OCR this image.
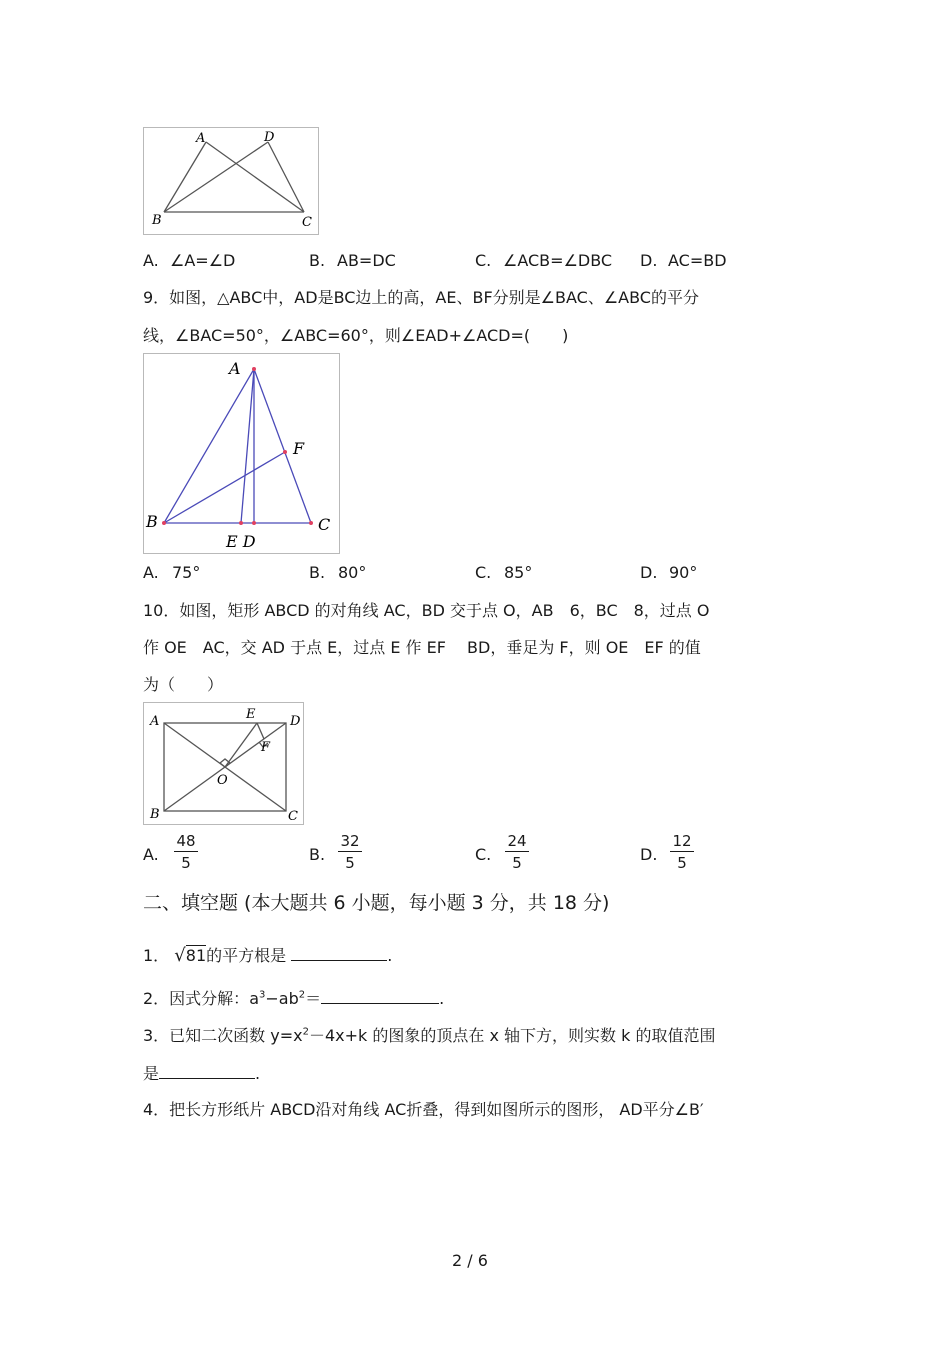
A	D
B	C
A. ∠A=∠D	B. AB=DC	C. ∠ACB=∠DBC D. AC=BD
9．如图，△ABC中，AD是BC边上的高，AE、BF分别是∠BAC、∠ABC的平分
线，∠BAC=50°，∠ABC=60°，则∠EAD+∠ACD=(　　)
A
B	C
F
E D
A. 75°	B. 80°	C. 85°	D. 90°
10．如图，矩形 ABCD 的对角线 AC，BD 交于点 O，AB　6，BC　8，过点 O
作 OE　AC，交 AD 于点 E，过点 E 作 EF　 BD，垂足为 F，则 OE　EF 的值
为（　　）
A	E	D
F
O
B	C
A. $\frac{48}{5}$	B. $\frac{32}{5}$	C. $\frac{24}{5}$	D. $\frac{12}{5}$
二、填空题 (本大题共 6 小题，每小题 3 分，共 18 分)
1． √81的平方根是	.
2．因式分解：$a^3-ab^2=$	.
3．已知二次函数 $y=x^2-4x+k$ 的图象的顶点在 x 轴下方，则实数 k 的取值范围
是	.
4．把长方形纸片 ABCD沿对角线 AC折叠，得到如图所示的图形， AD平分∠B′
2 / 6
